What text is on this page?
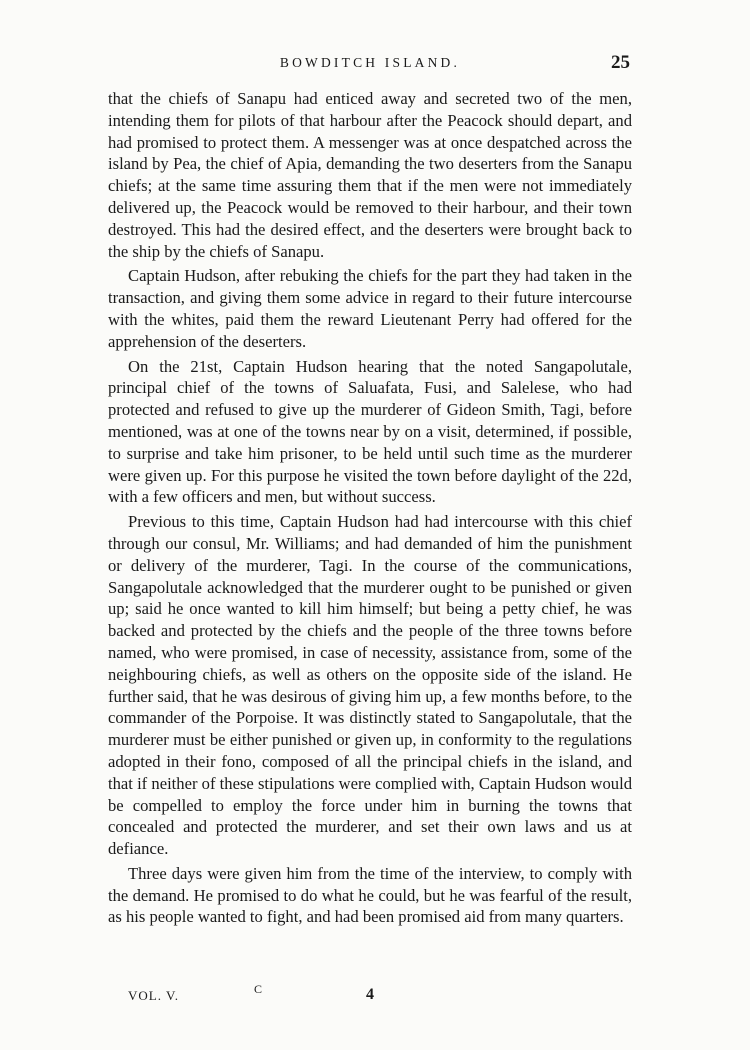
BOWDITCH ISLAND.	25

that the chiefs of Sanapu had enticed away and secreted two of the men, intending them for pilots of that harbour after the Peacock should depart, and had promised to protect them. A messenger was at once despatched across the island by Pea, the chief of Apia, demanding the two deserters from the Sanapu chiefs; at the same time assuring them that if the men were not immediately delivered up, the Peacock would be removed to their harbour, and their town destroyed. This had the desired effect, and the deserters were brought back to the ship by the chiefs of Sanapu.

Captain Hudson, after rebuking the chiefs for the part they had taken in the transaction, and giving them some advice in regard to their future intercourse with the whites, paid them the reward Lieutenant Perry had offered for the apprehension of the deserters.

On the 21st, Captain Hudson hearing that the noted Sangapolutale, principal chief of the towns of Saluafata, Fusi, and Salelese, who had protected and refused to give up the murderer of Gideon Smith, Tagi, before mentioned, was at one of the towns near by on a visit, determined, if possible, to surprise and take him prisoner, to be held until such time as the murderer were given up. For this purpose he visited the town before daylight of the 22d, with a few officers and men, but without success.

Previous to this time, Captain Hudson had had intercourse with this chief through our consul, Mr. Williams; and had demanded of him the punishment or delivery of the murderer, Tagi. In the course of the communications, Sangapolutale acknowledged that the murderer ought to be punished or given up; said he once wanted to kill him himself; but being a petty chief, he was backed and protected by the chiefs and the people of the three towns before named, who were promised, in case of necessity, assistance from, some of the neighbouring chiefs, as well as others on the opposite side of the island. He further said, that he was desirous of giving him up, a few months before, to the commander of the Porpoise. It was distinctly stated to Sangapolutale, that the murderer must be either punished or given up, in conformity to the regulations adopted in their fono, composed of all the principal chiefs in the island, and that if neither of these stipulations were complied with, Captain Hudson would be compelled to employ the force under him in burning the towns that concealed and protected the murderer, and set their own laws and us at defiance.

Three days were given him from the time of the interview, to comply with the demand. He promised to do what he could, but he was fearful of the result, as his people wanted to fight, and had been promised aid from many quarters.

VOL. V.	C	4
